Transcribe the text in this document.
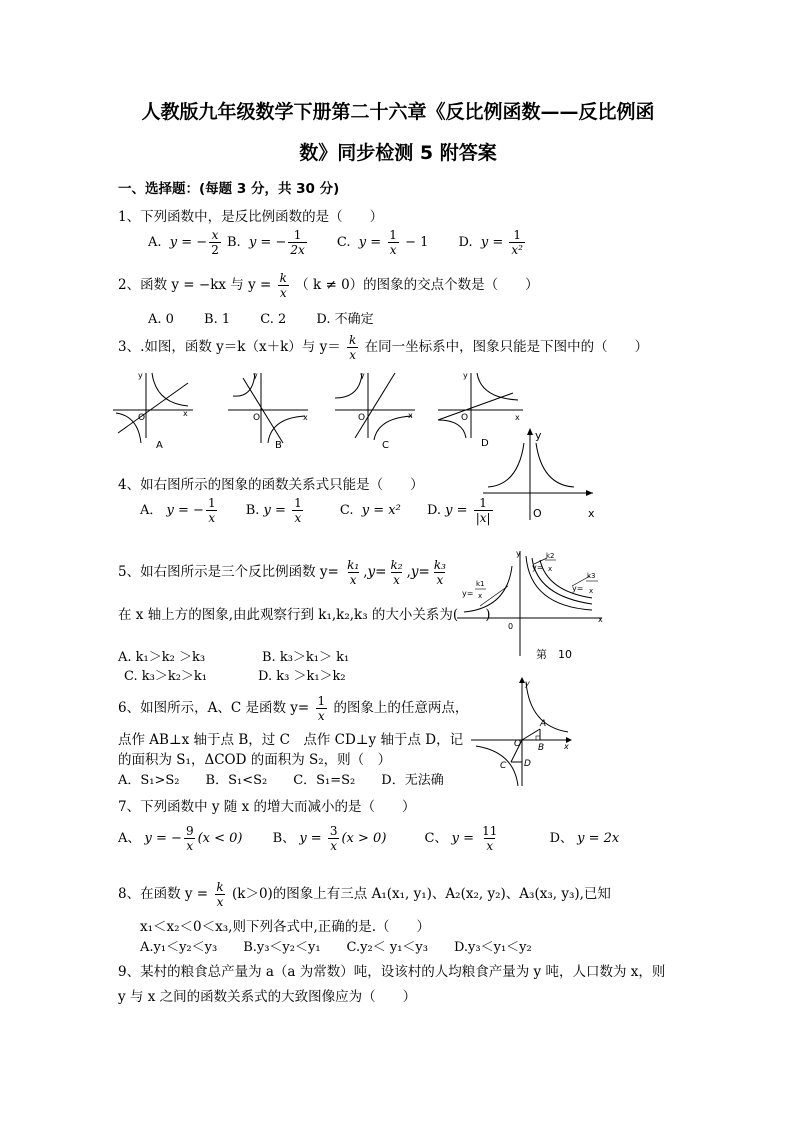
人教版九年级数学下册第二十六章《反比例函数——反比例函
数》同步检测 5 附答案
一、选择题：(每题 3 分，共 30 分)
1、下列函数中，是反比例函数的是（　　）
A.  y = − $\frac{x}{2} B$.  y = − $\frac{1}{2x} C$.  $y = \frac{1}{x} - 1$ D.  $y = \frac{1}{\text{x²}}$
2、函数 y = −kx 与 $y = \frac{k}{x}$ （ k ≠ 0）的图象的交点个数是（　　）
A. 0　　 B. 1　　 C. 2　　 D. 不确定
3、.如图，函数 y＝k（x＋k）与 $y= \frac{k}{x}$ 在同一坐标系中，图象只能是下图中的（　　）
O	x
y
A
O	x
y
B
O	x
y
C
O	x
y
D
4、如右图所示的图象的函数关系式只能是（　　）
A． y = − $\frac{1}{x} B$. $y = \frac{1}{x}$	C.  y = x² D. $y = \frac{1}{|x|}$
y
O	x
5、如右图所示是三个反比例函数 $y= \frac{\text{k₁}}{x} ,y= \frac{\text{k₂}}{x} ,y= \frac{\text{k₃}}{x}$
在 x 轴上方的图象,由此观察行到 k₁,k₂,k₃ 的大小关系为(　　)
A. k₁＞k₂ ＞k₃	B. k₃＞k₁＞ k₁
C. k₃＞k₂＞k₁	D. k₃ ＞k₁＞k₂
x
y
0
y=
k1
x
y=
k2
x
y=
k3
x
第　10
6、如图所示，A、C 是函数 $y= \frac{1}{x}$ 的图象上的任意两点，
点作 AB⊥x 轴于点 B，过 C　点作 CD⊥y 轴于点 D，记
的面积为 S₁，ΔCOD 的面积为 S₂，则（　）
A．S₁>S₂　　B．S₁<S₂　　C．S₁=S₂　　D．无法确
x
y
A
B
O
C D
7、下列函数中 y 随 x 的增大而减小的是（　　）
A、 y = − $\frac{9}{x} (x < 0)$ B、 $y = \frac{3}{x} (x > 0)$	C、 $y = \frac{11}{x}$	D、 y = 2x
8、在函数 $y = \frac{k}{x} (k>0)$的图象上有三点 A₁(x₁, y₁)、A₂(x₂, y₂)、A₃(x₃, y₃),已知
x₁＜x₂＜0＜x₃,则下列各式中,正确的是.（　　）
A.y₁＜y₂＜y₃　　B.y₃＜y₂＜y₁　　C.y₂＜ y₁＜y₃　　D.y₃＜y₁＜y₂
9、某村的粮食总产量为 a（a 为常数）吨，设该村的人均粮食产量为 y 吨，人口数为 x，则
y 与 x 之间的函数关系式的大致图像应为（　　）
